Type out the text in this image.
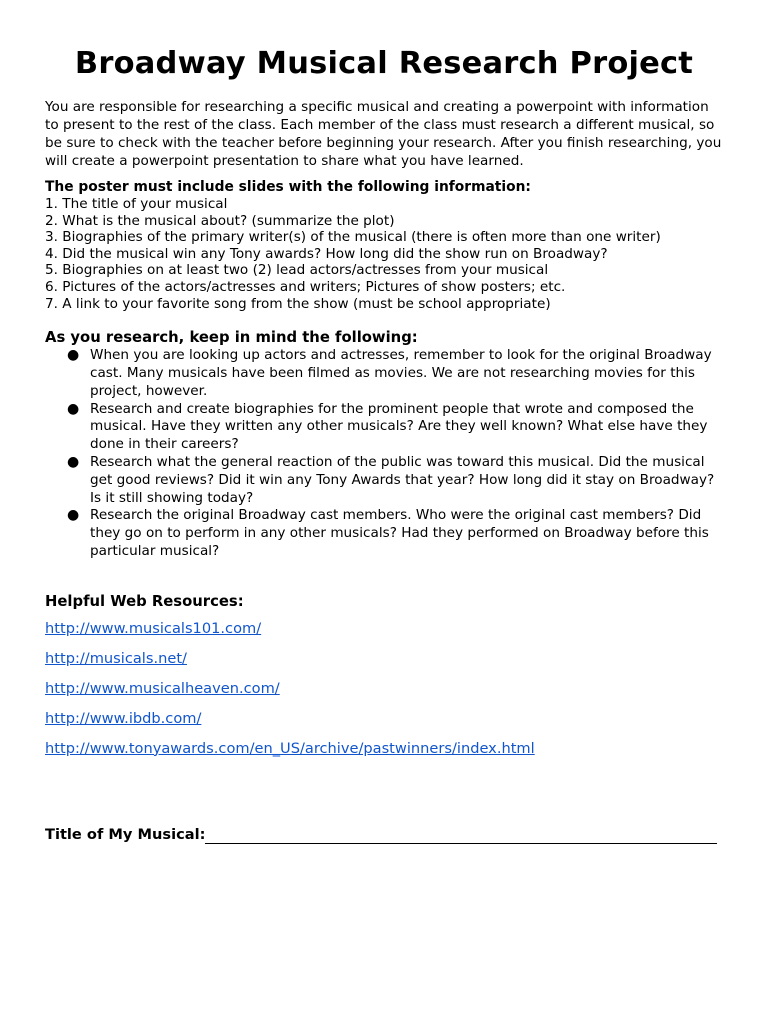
Broadway Musical Research Project

You are responsible for researching a specific musical and creating a powerpoint with information to present to the rest of the class. Each member of the class must research a different musical, so be sure to check with the teacher before beginning your research. After you finish researching, you will create a powerpoint presentation to share what you have learned.

The poster must include slides with the following information:

1. The title of your musical
2. What is the musical about? (summarize the plot)
3. Biographies of the primary writer(s) of the musical (there is often more than one writer)
4. Did the musical win any Tony awards? How long did the show run on Broadway?
5. Biographies on at least two (2) lead actors/actresses from your musical
6. Pictures of the actors/actresses and writers; Pictures of show posters; etc.
7. A link to your favorite song from the show (must be school appropriate)

As you research, keep in mind the following:

● When you are looking up actors and actresses, remember to look for the original Broadway cast. Many musicals have been filmed as movies. We are not researching movies for this project, however.
● Research and create biographies for the prominent people that wrote and composed the musical. Have they written any other musicals? Are they well known? What else have they done in their careers?
● Research what the general reaction of the public was toward this musical. Did the musical get good reviews? Did it win any Tony Awards that year? How long did it stay on Broadway? Is it still showing today?
● Research the original Broadway cast members. Who were the original cast members? Did they go on to perform in any other musicals? Had they performed on Broadway before this particular musical?

Helpful Web Resources:

http://www.musicals101.com/
http://musicals.net/
http://www.musicalheaven.com/
http://www.ibdb.com/
http://www.tonyawards.com/en_US/archive/pastwinners/index.html
Title of My Musical:
